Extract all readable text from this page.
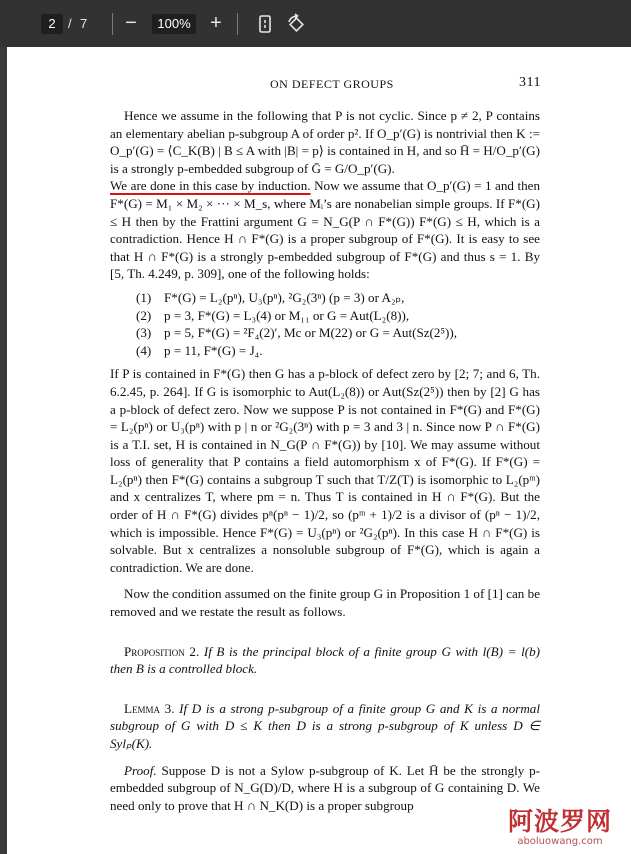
2 / 7 −	100% +
ON DEFECT GROUPS	311

Hence we assume in the following that P is not cyclic. Since p ≠ 2, P contains an elementary abelian p-subgroup A of order p². If O_p′(G) is nontrivial then K := O_p′(G) = ⟨C_K(B) | B ≤ A with |B| = p⟩ is contained in H, and so H̄ = H/O_p′(G) is a strongly p-embedded subgroup of Ḡ = G/O_p′(G).
We are done in this case by induction. Now we assume that O_p′(G) = 1 and then F*(G) = M₁ × M₂ × ··· × M_s, where Mᵢ’s are nonabelian simple groups. If F*(G) ≤ H then by the Frattini argument G = N_G(P ∩ F*(G)) F*(G) ≤ H, which is a contradiction. Hence H ∩ F*(G) is a proper subgroup of F*(G). It is easy to see that H ∩ F*(G) is a strongly p-embedded subgroup of F*(G) and thus s = 1. By [5, Th. 4.249, p. 309], one of the following holds:

(1) F*(G) = L₂(pⁿ), U₃(pⁿ), ²G₂(3ⁿ) (p = 3) or A₂ₚ,
(2) p = 3, F*(G) = L₃(4) or M₁₁ or G = Aut(L₂(8)),
(3) p = 5, F*(G) = ²F₄(2)′, Mc or M(22) or G = Aut(Sz(2⁵)),
(4) p = 11, F*(G) = J₄.

If P is contained in F*(G) then G has a p-block of defect zero by [2; 7; and 6, Th. 6.2.45, p. 264]. If G is isomorphic to Aut(L₂(8)) or Aut(Sz(2⁵)) then by [2] G has a p-block of defect zero. Now we suppose P is not contained in F*(G) and F*(G) = L₂(pⁿ) or U₃(pⁿ) with p | n or ²G₂(3ⁿ) with p = 3 and 3 | n. Since now P ∩ F*(G) is a T.I. set, H is contained in N_G(P ∩ F*(G)) by [10]. We may assume without loss of generality that P contains a field automorphism x of F*(G). If F*(G) = L₂(pⁿ) then F*(G) contains a subgroup T such that T/Z(T) is isomorphic to L₂(pᵐ) and x centralizes T, where pm = n. Thus T is contained in H ∩ F*(G). But the order of H ∩ F*(G) divides pⁿ(pⁿ − 1)/2, so (pᵐ + 1)/2 is a divisor of (pⁿ − 1)/2, which is impossible. Hence F*(G) = U₃(pⁿ) or ²G₂(pⁿ). In this case H ∩ F*(G) is solvable. But x centralizes a nonsoluble subgroup of F*(G), which is again a contradiction. We are done.

Now the condition assumed on the finite group G in Proposition 1 of [1] can be removed and we restate the result as follows.

Proposition 2. If B is the principal block of a finite group G with l(B) = l(b) then B is a controlled block.

Lemma 3. If D is a strong p-subgroup of a finite group G and K is a normal subgroup of G with D ≤ K then D is a strong p-subgroup of K unless D ∈ Sylₚ(K).

Proof. Suppose D is not a Sylow p-subgroup of K. Let H̄ be the strongly p-embedded subgroup of N_G(D)/D, where H is a subgroup of G containing D. We need only to prove that H ∩ N_K(D) is a proper subgroup

阿波罗网
aboluowang.com
